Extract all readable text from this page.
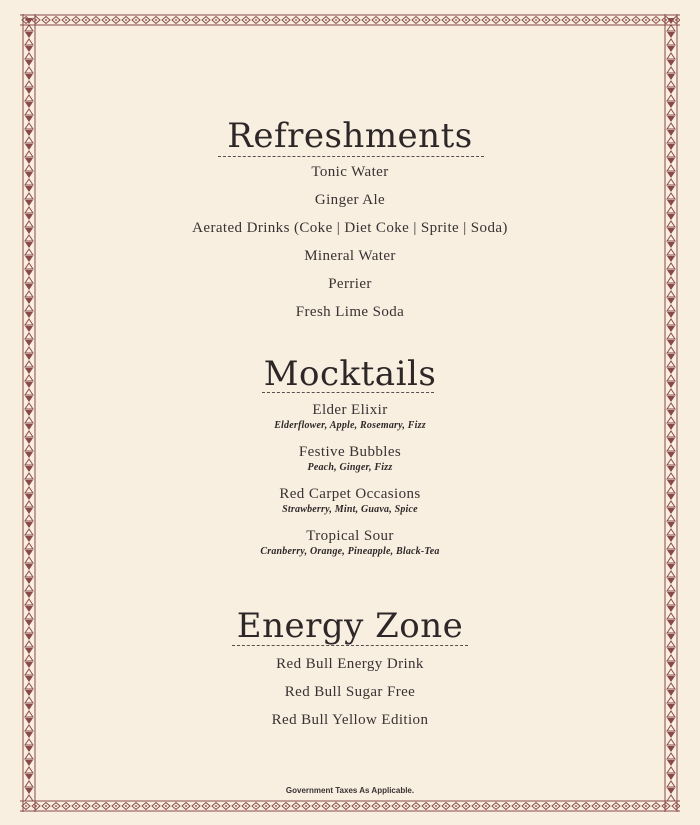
Refreshments
Tonic Water
Ginger Ale
Aerated Drinks (Coke | Diet Coke | Sprite | Soda)
Mineral Water
Perrier
Fresh Lime Soda
Mocktails
Elder Elixir
Elderflower, Apple, Rosemary, Fizz
Festive Bubbles
Peach, Ginger, Fizz
Red Carpet Occasions
Strawberry, Mint, Guava, Spice
Tropical Sour
Cranberry, Orange, Pineapple, Black-Tea
Energy Zone
Red Bull Energy Drink
Red Bull Sugar Free
Red Bull Yellow Edition
Government Taxes As Applicable.
